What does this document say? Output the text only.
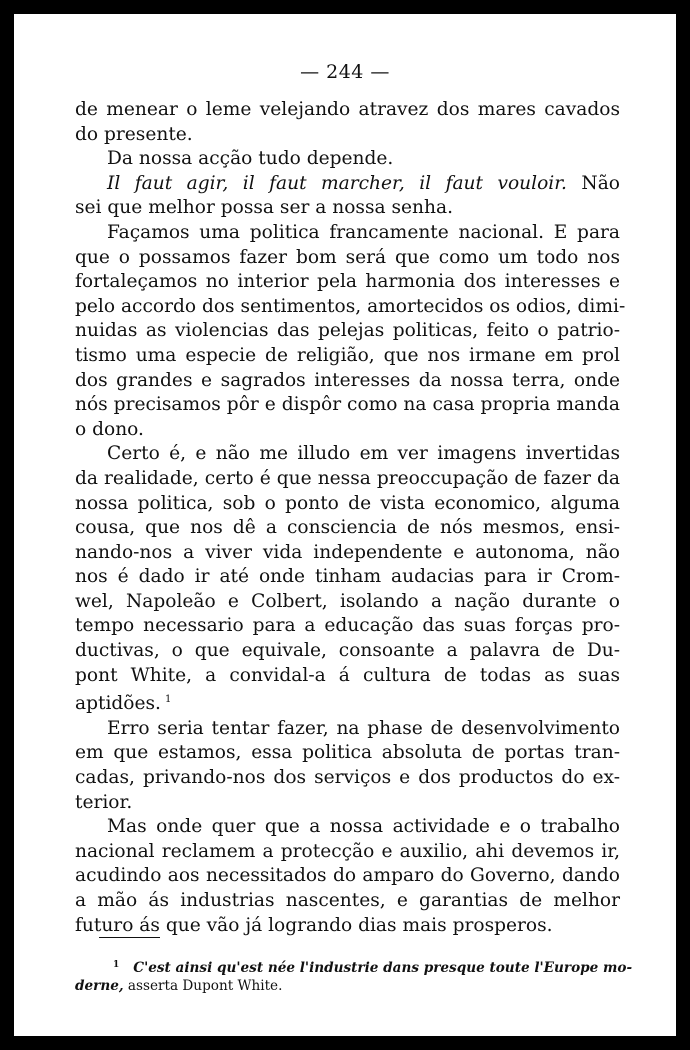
— 244 —

de menear o leme velejando atravez dos mares cavados
do presente.

Da nossa acção tudo depende.

Il faut agir, il faut marcher, il faut vouloir. Não
sei que melhor possa ser a nossa senha.

Façamos uma politica francamente nacional. E para
que o possamos fazer bom será que como um todo nos
fortaleçamos no interior pela harmonia dos interesses e
pelo accordo dos sentimentos, amortecidos os odios, dimi-
nuidas as violencias das pelejas politicas, feito o patrio-
tismo uma especie de religião, que nos irmane em prol
dos grandes e sagrados interesses da nossa terra, onde
nós precisamos pôr e dispôr como na casa propria manda
o dono.

Certo é, e não me illudo em ver imagens invertidas
da realidade, certo é que nessa preoccupação de fazer da
nossa politica, sob o ponto de vista economico, alguma
cousa, que nos dê a consciencia de nós mesmos, ensi-
nando-nos a viver vida independente e autonoma, não
nos é dado ir até onde tinham audacias para ir Crom-
wel, Napoleão e Colbert, isolando a nação durante o
tempo necessario para a educação das suas forças pro-
ductivas, o que equivale, consoante a palavra de Du-
pont White, a convidal-a á cultura de todas as suas
aptidões. $^1$

Erro seria tentar fazer, na phase de desenvolvimento
em que estamos, essa politica absoluta de portas tran-
cadas, privando-nos dos serviços e dos productos do ex-
terior.

Mas onde quer que a nossa actividade e o trabalho
nacional reclamem a protecção e auxilio, ahi devemos ir,
acudindo aos necessitados do amparo do Governo, dando
a mão ás industrias nascentes, e garantias de melhor
futuro ás que vão já logrando dias mais prosperos.

$^1$ C'est ainsi qu'est née l'industrie dans presque toute l'Europe mo-
derne, asserta Dupont White.
